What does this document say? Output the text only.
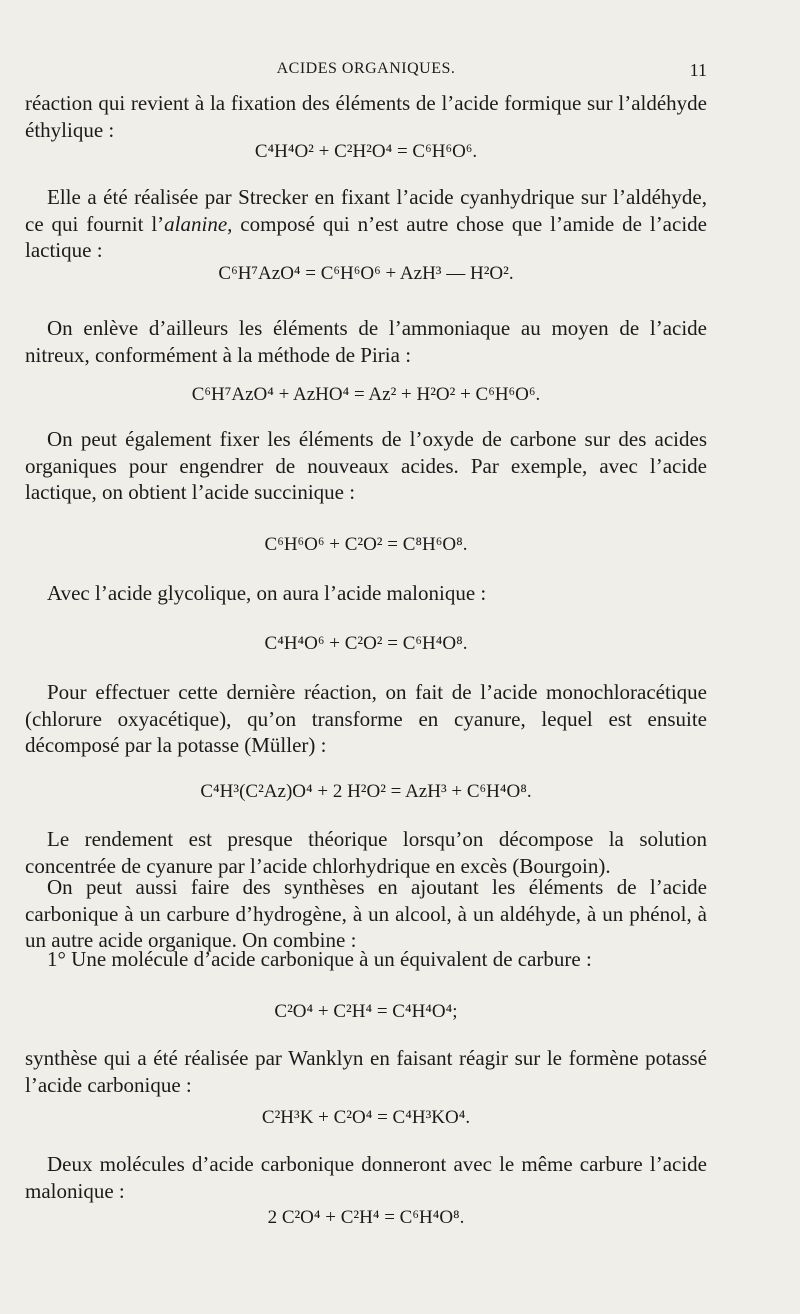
ACIDES ORGANIQUES.	11

réaction qui revient à la fixation des éléments de l’acide formique sur l’aldéhyde éthylique :

C⁴H⁴O² + C²H²O⁴ = C⁶H⁶O⁶.

Elle a été réalisée par Strecker en fixant l’acide cyanhydrique sur l’aldéhyde, ce qui fournit l’alanine, composé qui n’est autre chose que l’amide de l’acide lactique :

C⁶H⁷AzO⁴ = C⁶H⁶O⁶ + AzH³ — H²O².

On enlève d’ailleurs les éléments de l’ammoniaque au moyen de l’acide nitreux, conformément à la méthode de Piria :

C⁶H⁷AzO⁴ + AzHO⁴ = Az² + H²O² + C⁶H⁶O⁶.

On peut également fixer les éléments de l’oxyde de carbone sur des acides organiques pour engendrer de nouveaux acides. Par exemple, avec l’acide lactique, on obtient l’acide succinique :

C⁶H⁶O⁶ + C²O² = C⁸H⁶O⁸.

Avec l’acide glycolique, on aura l’acide malonique :

C⁴H⁴O⁶ + C²O² = C⁶H⁴O⁸.

Pour effectuer cette dernière réaction, on fait de l’acide monochloracétique (chlorure oxyacétique), qu’on transforme en cyanure, lequel est ensuite décomposé par la potasse (Müller) :

C⁴H³(C²Az)O⁴ + 2 H²O² = AzH³ + C⁶H⁴O⁸.

Le rendement est presque théorique lorsqu’on décompose la solution concentrée de cyanure par l’acide chlorhydrique en excès (Bourgoin).

On peut aussi faire des synthèses en ajoutant les éléments de l’acide carbonique à un carbure d’hydrogène, à un alcool, à un aldéhyde, à un phénol, à un autre acide organique. On combine :

1° Une molécule d’acide carbonique à un équivalent de carbure :

C²O⁴ + C²H⁴ = C⁴H⁴O⁴;

synthèse qui a été réalisée par Wanklyn en faisant réagir sur le formène potassé l’acide carbonique :

C²H³K + C²O⁴ = C⁴H³KO⁴.

Deux molécules d’acide carbonique donneront avec le même carbure l’acide malonique :

2 C²O⁴ + C²H⁴ = C⁶H⁴O⁸.
